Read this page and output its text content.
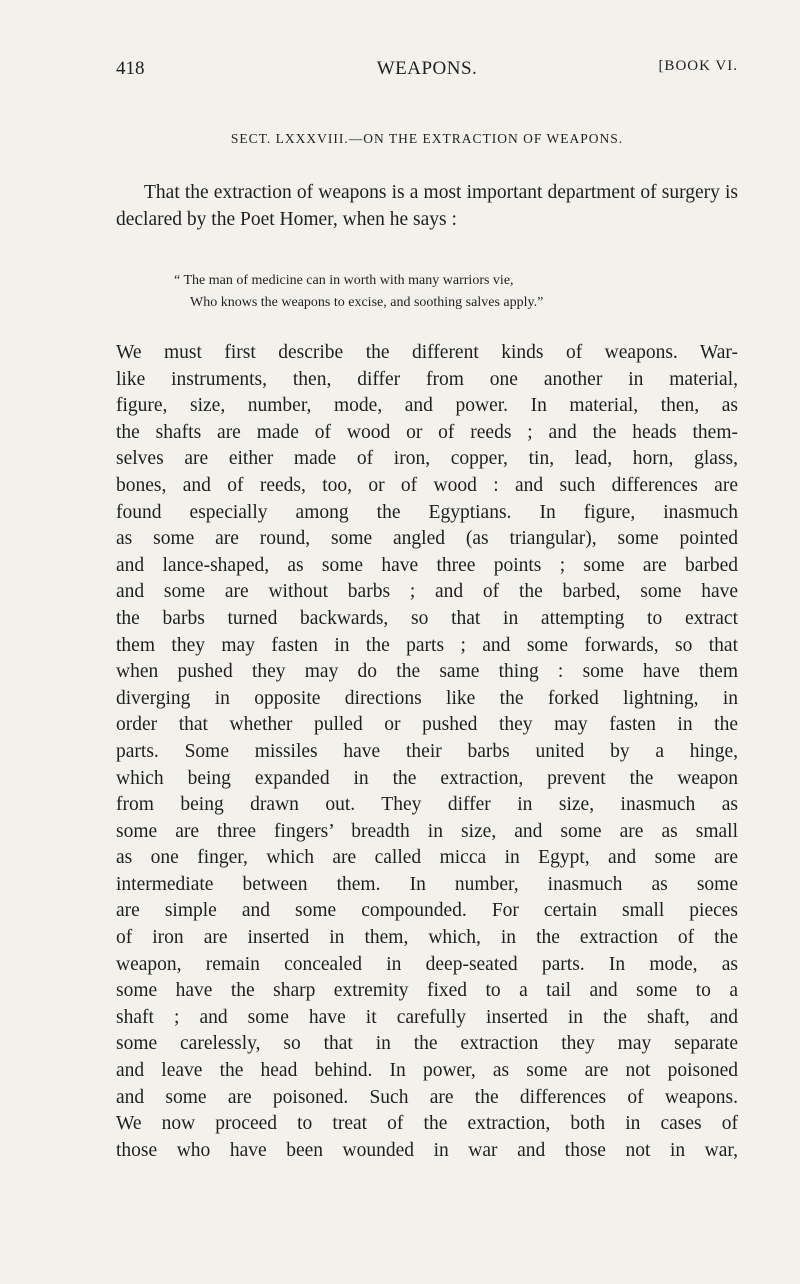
418	WEAPONS.	[BOOK VI.
SECT. LXXXVIII.—ON THE EXTRACTION OF WEAPONS.
That the extraction of weapons is a most important department of surgery is declared by the Poet Homer, when he says :
“ The man of medicine can in worth with many warriors vie,
Who knows the weapons to excise, and soothing salves apply.”
We must first describe the different kinds of weapons. War-
like instruments, then, differ from one another in material,
figure, size, number, mode, and power. In material, then, as
the shafts are made of wood or of reeds ; and the heads them-
selves are either made of iron, copper, tin, lead, horn, glass,
bones, and of reeds, too, or of wood : and such differences are
found especially among the Egyptians. In figure, inasmuch
as some are round, some angled (as triangular), some pointed
and lance-shaped, as some have three points ; some are barbed
and some are without barbs ; and of the barbed, some have
the barbs turned backwards, so that in attempting to extract
them they may fasten in the parts ; and some forwards, so that
when pushed they may do the same thing : some have them
diverging in opposite directions like the forked lightning, in
order that whether pulled or pushed they may fasten in the
parts. Some missiles have their barbs united by a hinge,
which being expanded in the extraction, prevent the weapon
from being drawn out. They differ in size, inasmuch as
some are three fingers’ breadth in size, and some are as small
as one finger, which are called micca in Egypt, and some are
intermediate between them. In number, inasmuch as some
are simple and some compounded. For certain small pieces
of iron are inserted in them, which, in the extraction of the
weapon, remain concealed in deep-seated parts. In mode, as
some have the sharp extremity fixed to a tail and some to a
shaft ; and some have it carefully inserted in the shaft, and
some carelessly, so that in the extraction they may separate
and leave the head behind. In power, as some are not poisoned
and some are poisoned. Such are the differences of weapons.
We now proceed to treat of the extraction, both in cases of
those who have been wounded in war and those not in war,
